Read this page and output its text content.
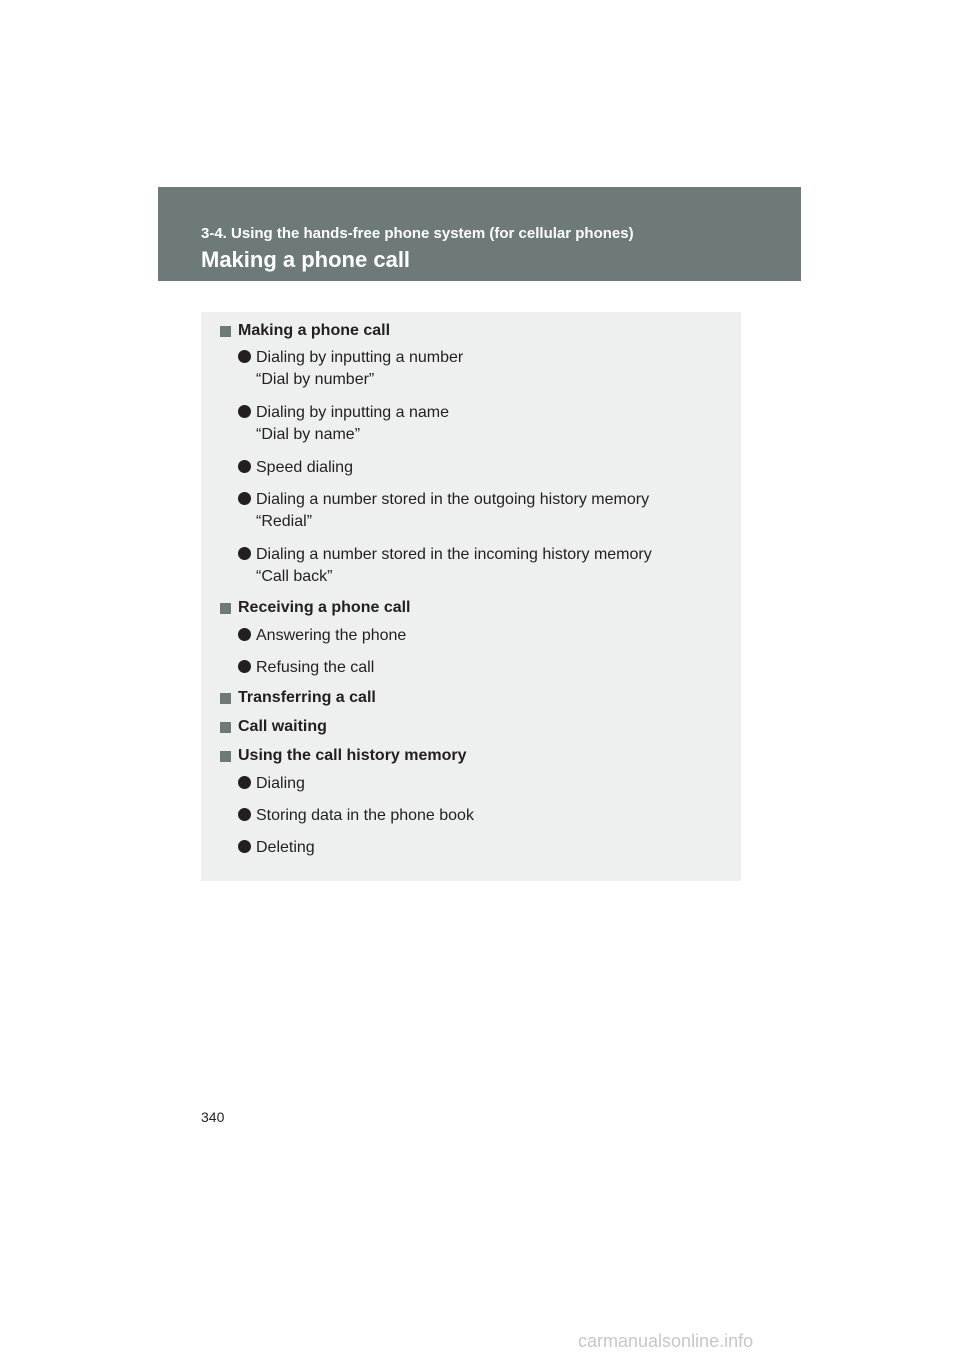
3-4. Using the hands-free phone system (for cellular phones)
Making a phone call
Making a phone call
Dialing by inputting a number
“Dial by number”
Dialing by inputting a name
“Dial by name”
Speed dialing
Dialing a number stored in the outgoing history memory
“Redial”
Dialing a number stored in the incoming history memory
“Call back”
Receiving a phone call
Answering the phone
Refusing the call
Transferring a call
Call waiting
Using the call history memory
Dialing
Storing data in the phone book
Deleting
340
carmanualsonline.info
